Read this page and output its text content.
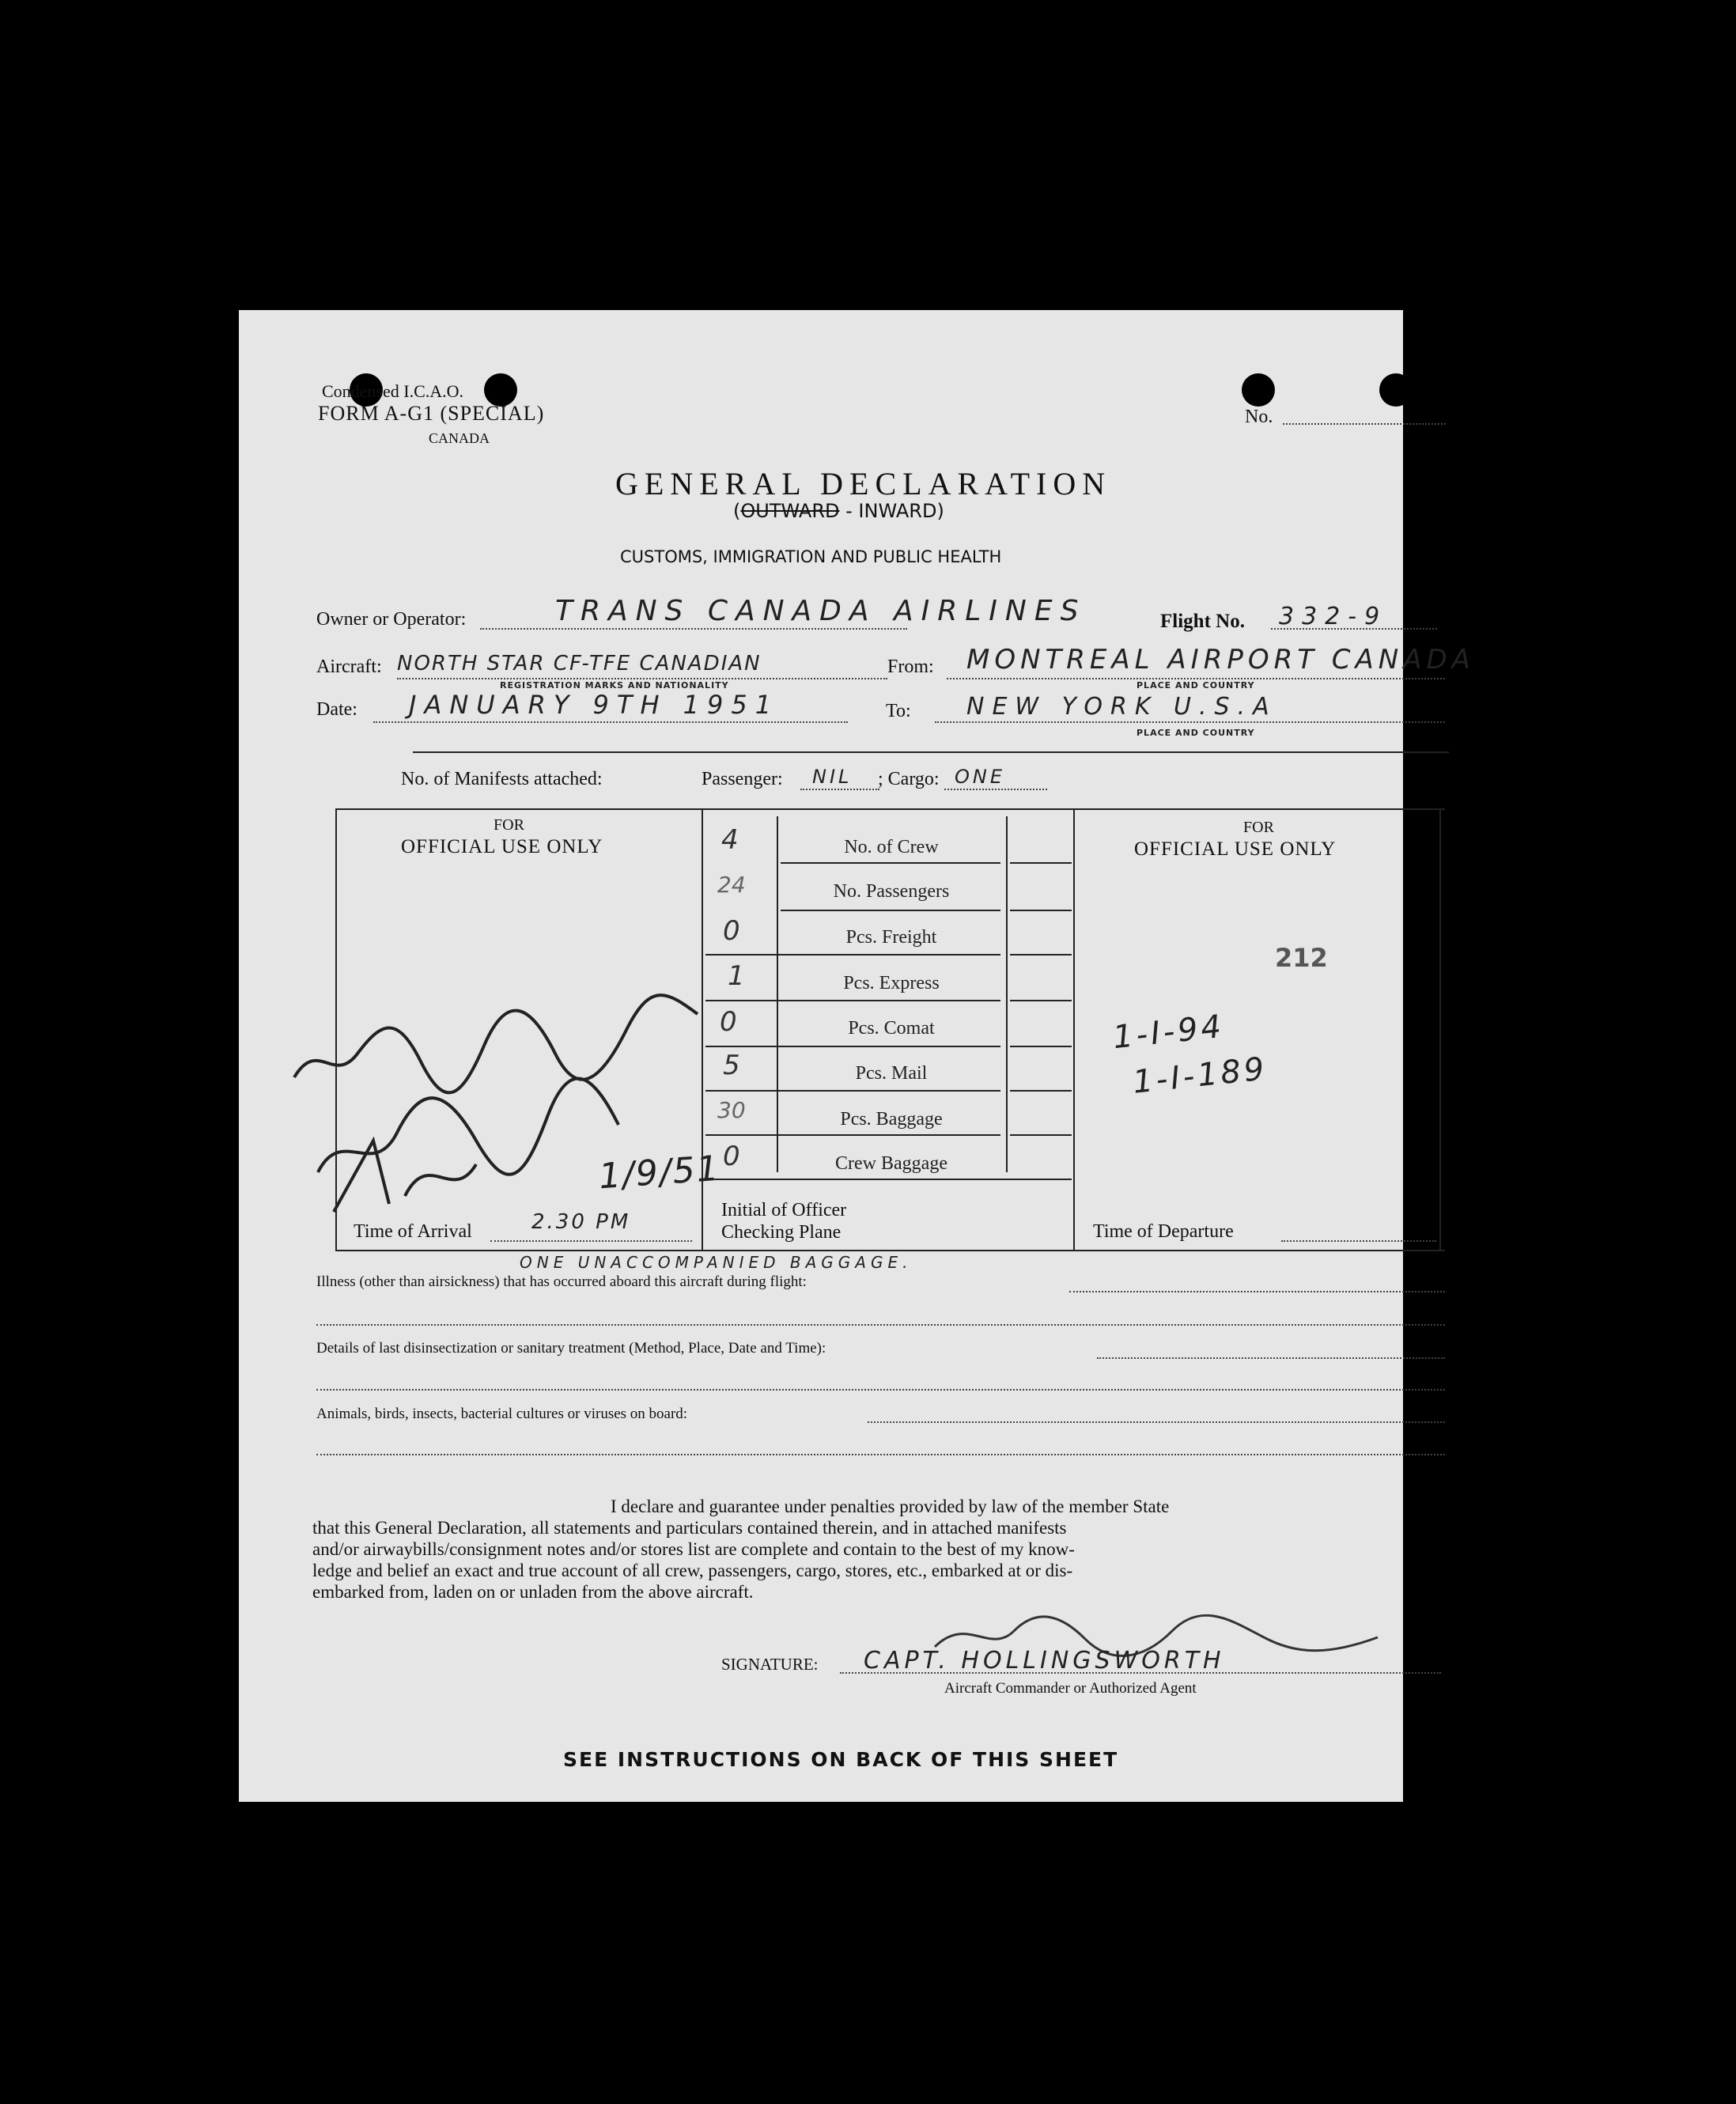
Condensed I.C.A.O.
FORM A-G1 (SPECIAL)
CANADA
No.
GENERAL DECLARATION
(OUTWARD - INWARD)
CUSTOMS, IMMIGRATION AND PUBLIC HEALTH
Owner or Operator:	TRANS CANADA AIRLINES	Flight No. 332-9
Aircraft: NORTH STAR CF-TFE CANADIAN
REGISTRATION MARKS AND NATIONALITY
From: MONTREAL AIRPORT CANADA
PLACE AND COUNTRY
Date: JANUARY 9TH 1951	To: NEW YORK U.S.A
PLACE AND COUNTRY
No. of Manifests attached:	Passenger: NIL ; Cargo: ONE
FOR
OFFICIAL USE ONLY
FOR
OFFICIAL USE ONLY
4	No. of Crew
24	No. Passengers
0	Pcs. Freight
1	Pcs. Express
0	Pcs. Comat
5	Pcs. Mail
30	Pcs. Baggage
0	Crew Baggage
Initial of Officer
Checking Plane
Time of Arrival	2.30 PM	Time of Departure
212
1-I-94
1-I-189
1/9/51
ONE UNACCOMPANIED BAGGAGE.
Illness (other than airsickness) that has occurred aboard this aircraft during flight:
Details of last disinsectization or sanitary treatment (Method, Place, Date and Time):
Animals, birds, insects, bacterial cultures or viruses on board:
I declare and guarantee under penalties provided by law of the member State
that this General Declaration, all statements and particulars contained therein, and in attached manifests
and/or airwaybills/consignment notes and/or stores list are complete and contain to the best of my know-
ledge and belief an exact and true account of all crew, passengers, cargo, stores, etc., embarked at or dis-
embarked from, laden on or unladen from the above aircraft.
SIGNATURE: CAPT. HOLLINGSWORTH
Aircraft Commander or Authorized Agent
SEE INSTRUCTIONS ON BACK OF THIS SHEET
